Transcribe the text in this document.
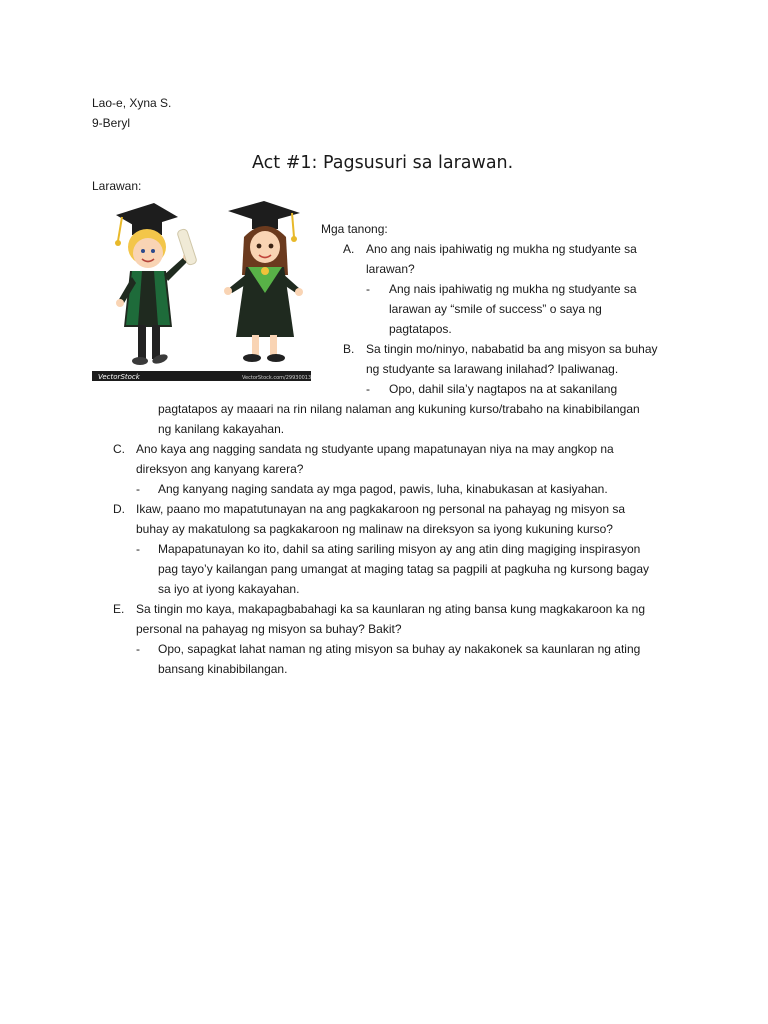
Lao-e, Xyna S.
9-Beryl
Act #1: Pagsusuri sa larawan.
Larawan:
VectorStock	VectorStock.com/29930013
Mga tanong:
A. Ano ang nais ipahiwatig ng mukha ng studyante sa
larawan?
- Ang nais ipahiwatig ng mukha ng studyante sa
larawan ay “smile of success” o saya ng
pagtatapos.
B. Sa tingin mo/ninyo, nababatid ba ang misyon sa buhay
ng studyante sa larawang inilahad? Ipaliwanag.
- Opo, dahil sila’y nagtapos na at sakanilang
pagtatapos ay maaari na rin nilang nalaman ang kukuning kurso/trabaho na kinabibilangan
ng kanilang kakayahan.
C. Ano kaya ang nagging sandata ng studyante upang mapatunayan niya na may angkop na
direksyon ang kanyang karera?
- Ang kanyang naging sandata ay mga pagod, pawis, luha, kinabukasan at kasiyahan.
D. Ikaw, paano mo mapatutunayan na ang pagkakaroon ng personal na pahayag ng misyon sa
buhay ay makatulong sa pagkakaroon ng malinaw na direksyon sa iyong kukuning kurso?
- Mapapatunayan ko ito, dahil sa ating sariling misyon ay ang atin ding magiging inspirasyon
pag tayo’y kailangan pang umangat at maging tatag sa pagpili at pagkuha ng kursong bagay
sa iyo at iyong kakayahan.
E. Sa tingin mo kaya, makapagbabahagi ka sa kaunlaran ng ating bansa kung magkakaroon ka ng
personal na pahayag ng misyon sa buhay? Bakit?
- Opo, sapagkat lahat naman ng ating misyon sa buhay ay nakakonek sa kaunlaran ng ating
bansang kinabibilangan.
